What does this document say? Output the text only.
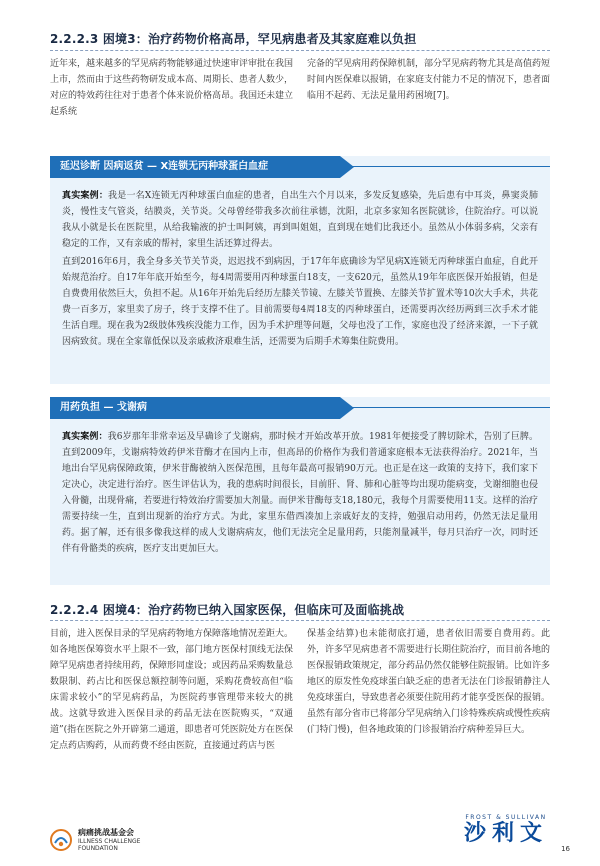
2.2.2.3 困境3：治疗药物价格高昂，罕见病患者及其家庭难以负担

近年来，越来越多的罕见病药物能够通过快速审评审批在我国上市，然而由于这些药物研发成本高、周期长、患者人数少，对应的特效药往往对于患者个体来说价格高昂。我国还未建立起系统

完备的罕见病用药保障机制，部分罕见病药物尤其是高值药短时间内医保难以报销，在家庭支付能力不足的情况下，患者面临用不起药、无法足量用药困境[7]。

延迟诊断 因病返贫 — X连锁无丙种球蛋白血症

真实案例：我是一名X连锁无丙种球蛋白血症的患者，自出生六个月以来，多发反复感染，先后患有中耳炎，鼻窦炎肺炎，慢性支气管炎，结膜炎，关节炎。父母曾经带我多次前往承德，沈阳，北京多家知名医院就诊，住院治疗。可以说我从小就是长在医院里，从给我输液的护士叫阿姨，再到叫姐姐，直到现在她们比我还小。虽然从小体弱多病，父亲有稳定的工作，又有亲戚的帮衬，家里生活还算过得去。

直到2016年6月，我全身多关节关节炎，迟迟找不到病因，于17年年底确诊为罕见病X连锁无丙种球蛋白血症，自此开始规范治疗。自17年年底开始至今，每4周需要用丙种球蛋白18支，一支620元，虽然从19年年底医保开始报销，但是自费费用依然巨大，负担不起。从16年开始先后经历左膝关节镜、左膝关节置换、左膝关节扩置术等10次大手术，共花费一百多万，家里卖了房子，终于支撑不住了。目前需要每4周18支的丙种球蛋白，还需要再次经历两到三次手术才能生活自理。现在我为2级肢体残疾没能力工作，因为手术护理等问题，父母也没了工作，家庭也没了经济来源，一下子就因病致贫。现在全家靠低保以及亲戚救济艰难生活，还需要为后期手术筹集住院费用。

用药负担 — 戈谢病

真实案例：我6岁那年非常幸运及早确诊了戈谢病，那时候才开始改革开放。1981年便接受了脾切除术，告别了巨脾。直到2009年，戈谢病特效药伊米苷酶才在国内上市，但高昂的价格作为我们普通家庭根本无法获得治疗。2021年，当地出台罕见病保障政策，伊米苷酶被纳入医保范围，且每年最高可报销90万元。也正是在这一政策的支持下，我们家下定决心，决定进行治疗。医生评估认为，我的患病时间很长，目前肝、肾、肺和心脏等均出现功能病变，戈谢细胞也侵入骨髓，出现骨痛，若要进行特效治疗需要加大剂量。而伊米苷酶每支18,180元，我每个月需要使用11支。这样的治疗需要持续一生，直到出现新的治疗方式。为此，家里东借西凑加上亲戚好友的支持，勉强启动用药，仍然无法足量用药。据了解，还有很多像我这样的成人戈谢病病友，他们无法完全足量用药，只能剂量减半，每月只治疗一次，同时还伴有骨骼类的疾病，医疗支出更加巨大。

2.2.2.4 困境4：治疗药物已纳入国家医保，但临床可及面临挑战

目前，进入医保目录的罕见病药物地方保障落地情况差距大。如各地医保筹资水平上限不一致，部门地方医保村顶线无法保障罕见病患者持续用药，保障形同虚设；或因药品采购数量总数限制、药占比和医保总额控制等问题，采购花费较高但“临床需求较小”的罕见病药品，为医院药事管理带来较大的挑战。这就导致进入医保目录的药品无法在医院购买，“双通道”(指在医院之外开辟第二通道，即患者可凭医院处方在医保定点药店购药，从而药费不经由医院，直接通过药店与医

保基金结算)也未能彻底打通，患者依旧需要自费用药。此外，许多罕见病患者不需要进行长期住院治疗，而目前各地的医保报销政策规定，部分药品仍然仅能够住院报销。比如许多地区的原发性免疫球蛋白缺乏症的患者无法在门诊报销静注人免疫球蛋白，导致患者必须要住院用药才能享受医保的报销。虽然有部分省市已将部分罕见病纳入门诊特殊疾病或慢性疾病(门特门慢)，但各地政策的门诊报销治疗病种差异巨大。

病痛挑战基金会
ILLNESS CHALLENGE
FOUNDATION
FROST & SULLIVAN
沙利文
16
